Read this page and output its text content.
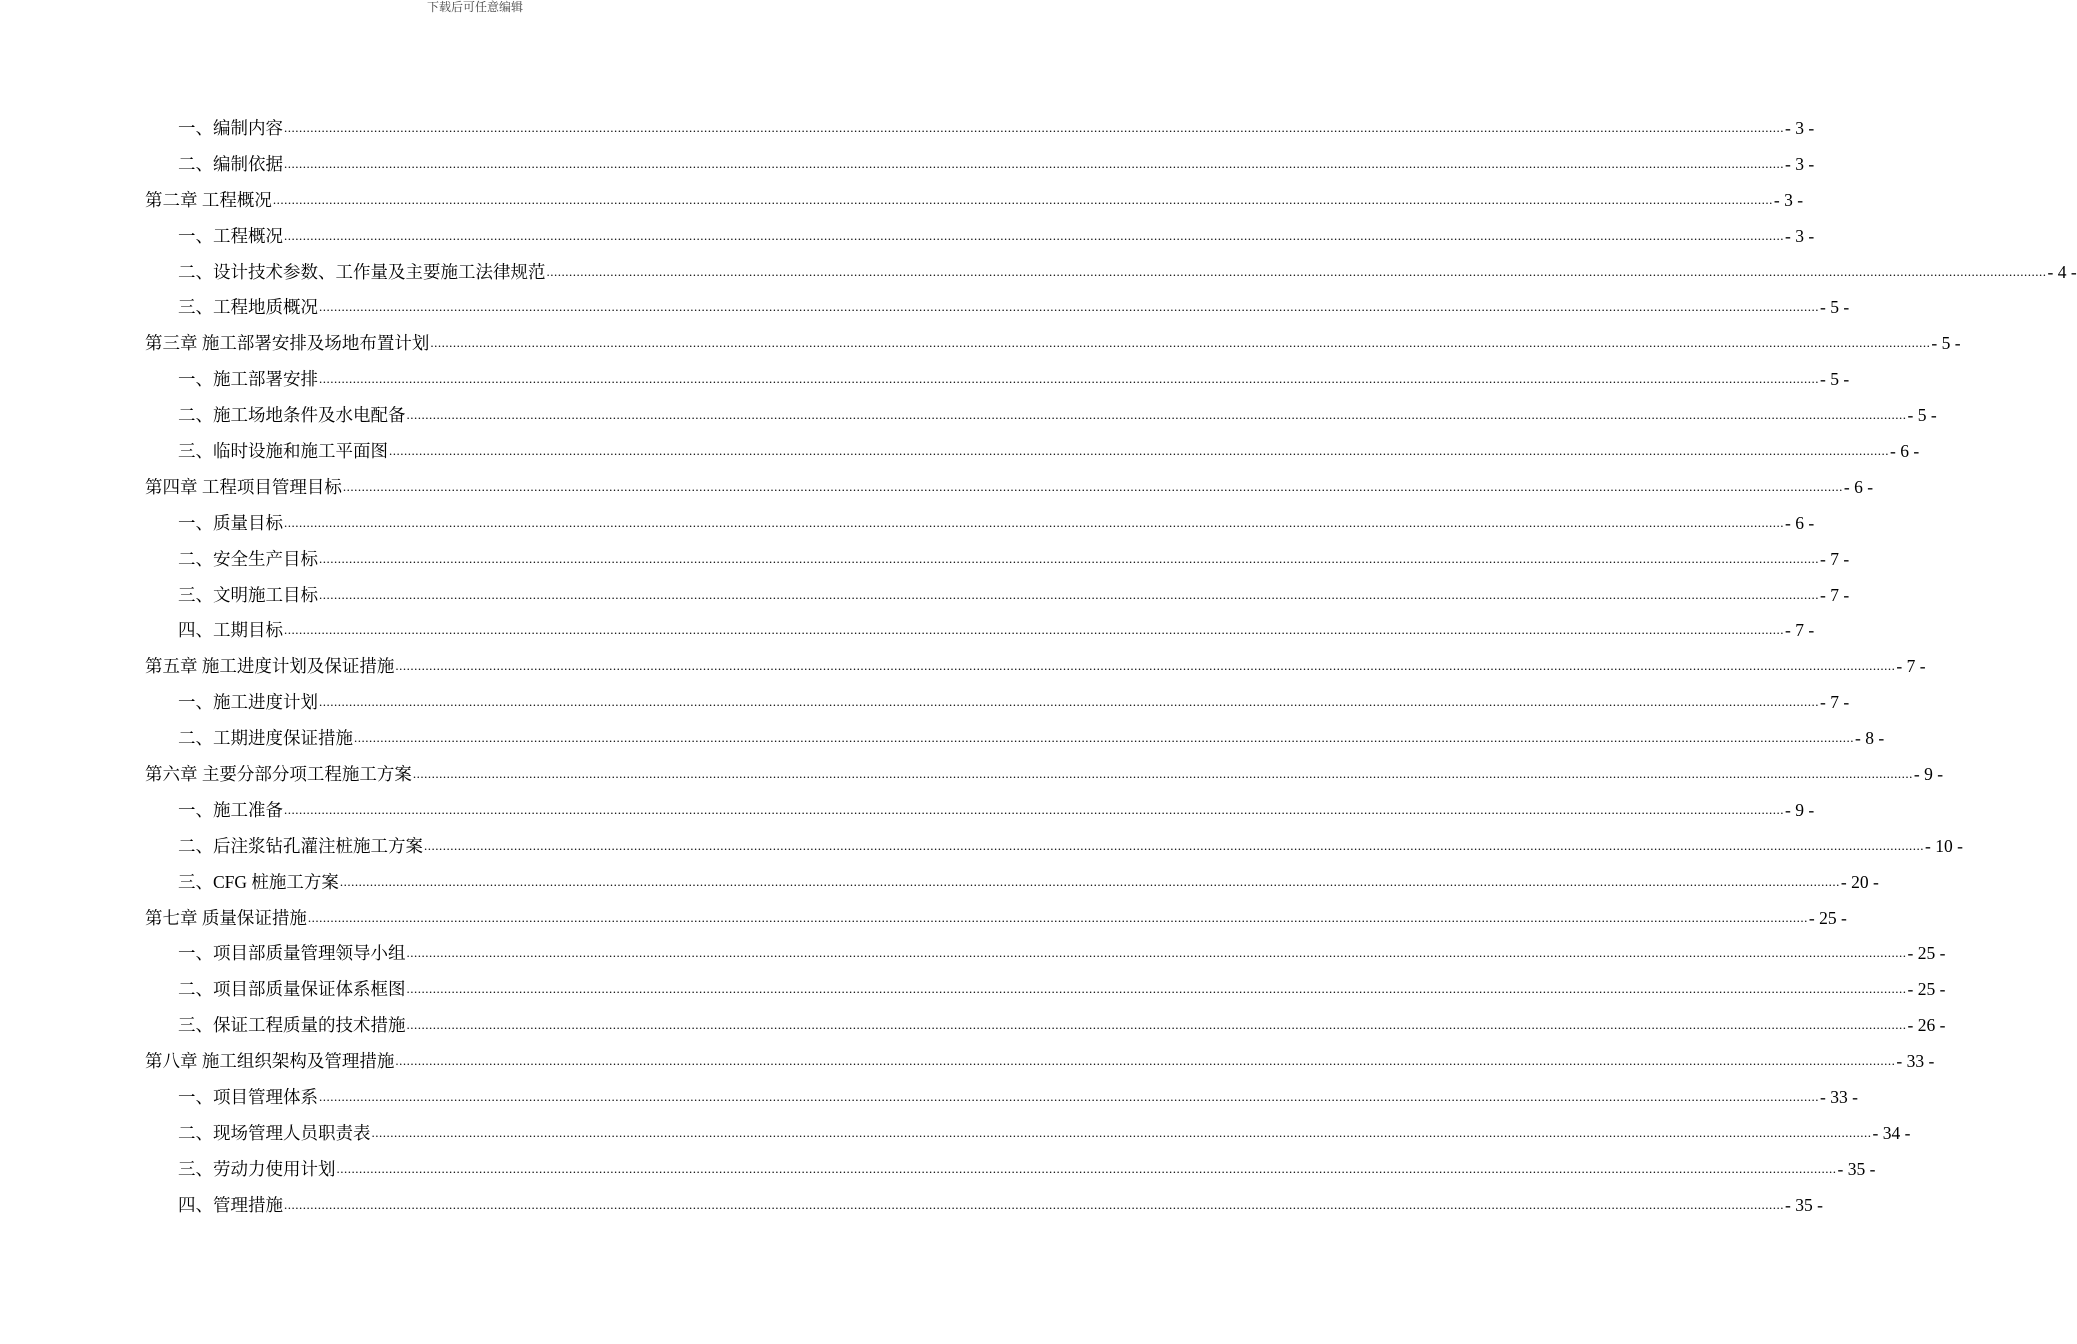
下载后可任意编辑
一、编制内容 ................................................................................................................................................................................................................................................................................................................................................................................................................ - 3 -
二、编制依据 ................................................................................................................................................................................................................................................................................................................................................................................................................ - 3 -
第二章 工程概况 ................................................................................................................................................................................................................................................................................................................................................................................................................ - 3 -
一、工程概况 ................................................................................................................................................................................................................................................................................................................................................................................................................ - 3 -
二、设计技术参数、工作量及主要施工法律规范 ................................................................................................................................................................................................................................................................................................................................................................................................................ - 4 -
三、工程地质概况 ................................................................................................................................................................................................................................................................................................................................................................................................................ - 5 -
第三章 施工部署安排及场地布置计划 ................................................................................................................................................................................................................................................................................................................................................................................................................ - 5 -
一、施工部署安排 ................................................................................................................................................................................................................................................................................................................................................................................................................ - 5 -
二、施工场地条件及水电配备 ................................................................................................................................................................................................................................................................................................................................................................................................................ - 5 -
三、临时设施和施工平面图 ................................................................................................................................................................................................................................................................................................................................................................................................................ - 6 -
第四章 工程项目管理目标 ................................................................................................................................................................................................................................................................................................................................................................................................................ - 6 -
一、质量目标 ................................................................................................................................................................................................................................................................................................................................................................................................................ - 6 -
二、安全生产目标 ................................................................................................................................................................................................................................................................................................................................................................................................................ - 7 -
三、文明施工目标 ................................................................................................................................................................................................................................................................................................................................................................................................................ - 7 -
四、工期目标 ................................................................................................................................................................................................................................................................................................................................................................................................................ - 7 -
第五章 施工进度计划及保证措施 ................................................................................................................................................................................................................................................................................................................................................................................................................ - 7 -
一、施工进度计划 ................................................................................................................................................................................................................................................................................................................................................................................................................ - 7 -
二、工期进度保证措施 ................................................................................................................................................................................................................................................................................................................................................................................................................ - 8 -
第六章 主要分部分项工程施工方案 ................................................................................................................................................................................................................................................................................................................................................................................................................ - 9 -
一、施工准备 ................................................................................................................................................................................................................................................................................................................................................................................................................ - 9 -
二、后注浆钻孔灌注桩施工方案 ................................................................................................................................................................................................................................................................................................................................................................................................................ - 10 -
三、CFG 桩施工方案 ................................................................................................................................................................................................................................................................................................................................................................................................................ - 20 -
第七章 质量保证措施 ................................................................................................................................................................................................................................................................................................................................................................................................................ - 25 -
一、项目部质量管理领导小组 ................................................................................................................................................................................................................................................................................................................................................................................................................ - 25 -
二、项目部质量保证体系框图 ................................................................................................................................................................................................................................................................................................................................................................................................................ - 25 -
三、保证工程质量的技术措施 ................................................................................................................................................................................................................................................................................................................................................................................................................ - 26 -
第八章 施工组织架构及管理措施 ................................................................................................................................................................................................................................................................................................................................................................................................................ - 33 -
一、项目管理体系 ................................................................................................................................................................................................................................................................................................................................................................................................................ - 33 -
二、现场管理人员职责表 ................................................................................................................................................................................................................................................................................................................................................................................................................ - 34 -
三、劳动力使用计划 ................................................................................................................................................................................................................................................................................................................................................................................................................ - 35 -
四、管理措施 ................................................................................................................................................................................................................................................................................................................................................................................................................ - 35 -
